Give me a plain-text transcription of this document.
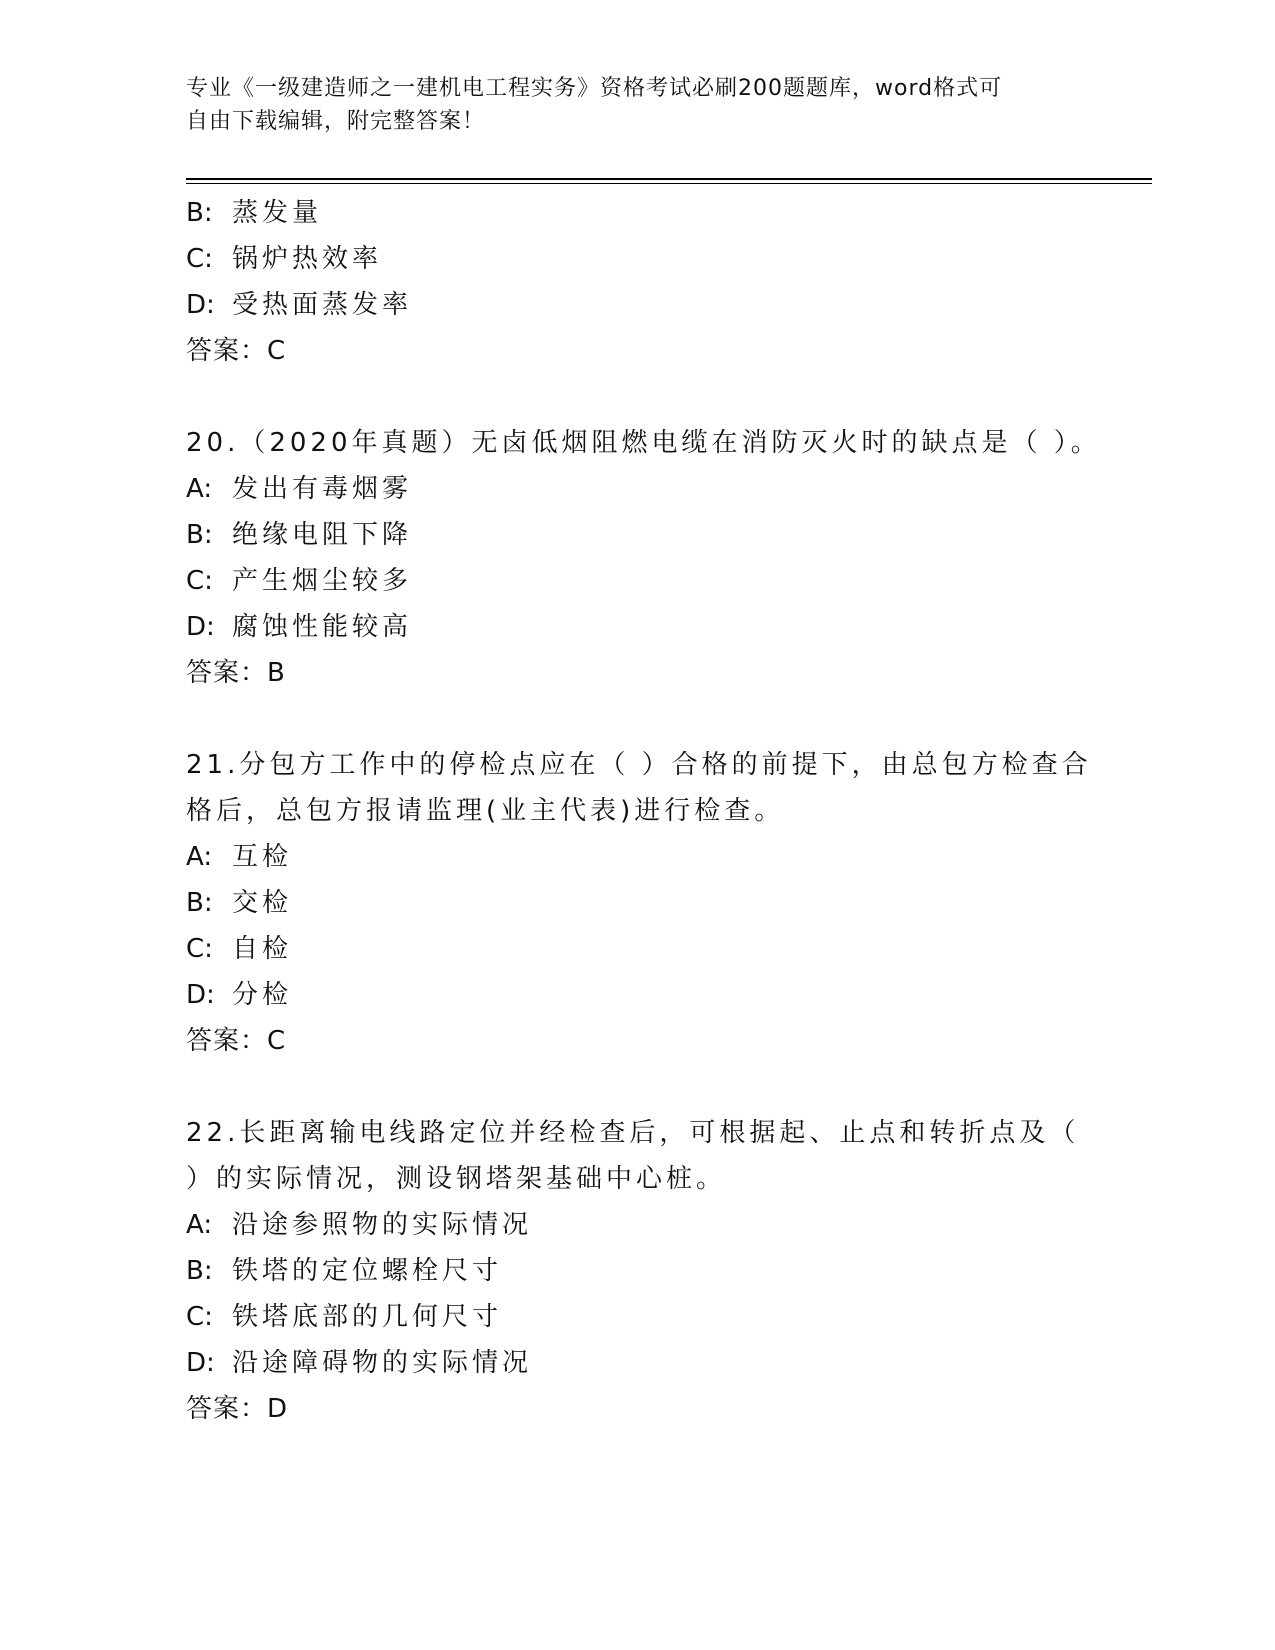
专业《一级建造师之一建机电工程实务》资格考试必刷200题题库，word格式可
自由下载编辑，附完整答案！
B: 蒸发量
C: 锅炉热效率
D: 受热面蒸发率
答案：C
20.（2020年真题）无卤低烟阻燃电缆在消防灭火时的缺点是（ ）。
A: 发出有毒烟雾
B: 绝缘电阻下降
C: 产生烟尘较多
D: 腐蚀性能较高
答案：B
21.分包方工作中的停检点应在（ ）合格的前提下，由总包方检查合
格后，总包方报请监理(业主代表)进行检查。
A: 互检
B: 交检
C: 自检
D: 分检
答案：C
22.长距离输电线路定位并经检查后，可根据起、止点和转折点及（
）的实际情况，测设钢塔架基础中心桩。
A: 沿途参照物的实际情况
B: 铁塔的定位螺栓尺寸
C: 铁塔底部的几何尺寸
D: 沿途障碍物的实际情况
答案：D
